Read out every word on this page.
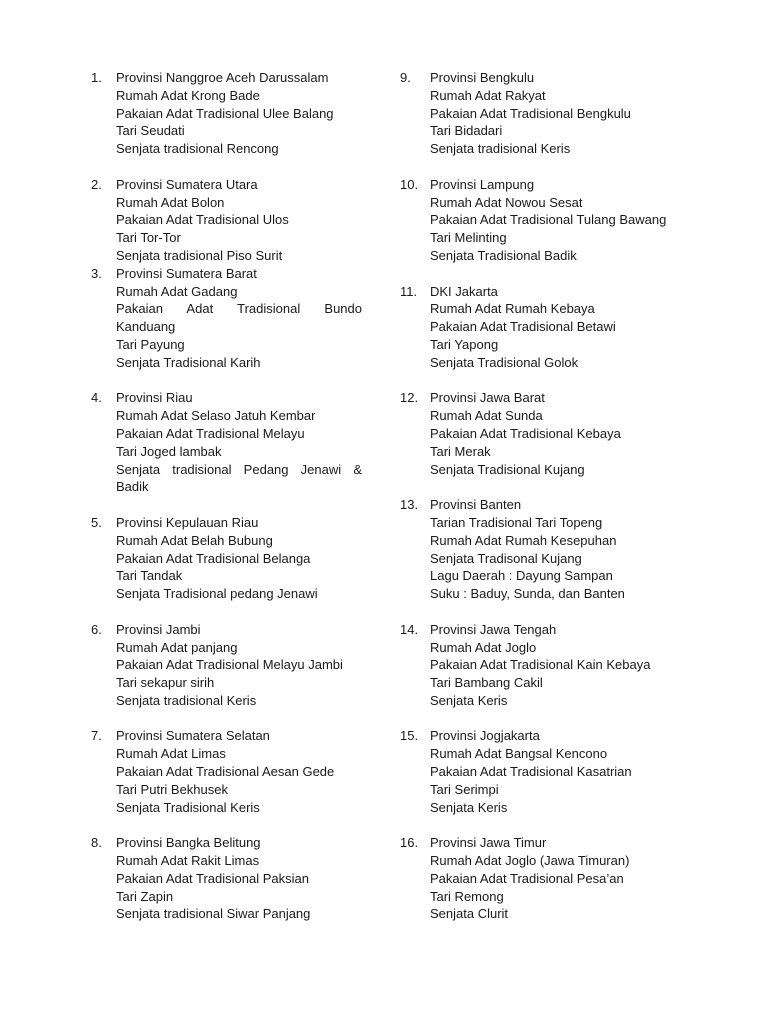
1.	Provinsi Nanggroe Aceh Darussalam
Rumah Adat Krong Bade
Pakaian Adat Tradisional Ulee Balang
Tari Seudati
Senjata tradisional Rencong
2.	Provinsi Sumatera Utara
Rumah Adat Bolon
Pakaian Adat Tradisional Ulos
Tari Tor-Tor
Senjata tradisional Piso Surit
3.	Provinsi Sumatera Barat
Rumah Adat Gadang
Pakaian Adat Tradisional Bundo Kanduang
Tari Payung
Senjata Tradisional Karih
4.	Provinsi Riau
Rumah Adat Selaso Jatuh Kembar
Pakaian Adat Tradisional Melayu
Tari Joged lambak
Senjata tradisional Pedang Jenawi & Badik
5.	Provinsi Kepulauan Riau
Rumah Adat Belah Bubung
Pakaian Adat Tradisional Belanga
Tari Tandak
Senjata Tradisional pedang Jenawi
6.	Provinsi Jambi
Rumah Adat panjang
Pakaian Adat Tradisional Melayu Jambi
Tari sekapur sirih
Senjata tradisional Keris
7.	Provinsi Sumatera Selatan
Rumah Adat Limas
Pakaian Adat Tradisional Aesan Gede
Tari Putri Bekhusek
Senjata Tradisional Keris
8.	Provinsi Bangka Belitung
Rumah Adat Rakit Limas
Pakaian Adat Tradisional Paksian
Tari Zapin
Senjata tradisional Siwar Panjang
9.	Provinsi Bengkulu
Rumah Adat Rakyat
Pakaian Adat Tradisional Bengkulu
Tari Bidadari
Senjata tradisional Keris
10. Provinsi Lampung
Rumah Adat Nowou Sesat
Pakaian Adat Tradisional Tulang Bawang
Tari Melinting
Senjata Tradisional Badik
11. DKI Jakarta
Rumah Adat Rumah Kebaya
Pakaian Adat Tradisional Betawi
Tari Yapong
Senjata Tradisional Golok
12. Provinsi Jawa Barat
Rumah Adat Sunda
Pakaian Adat Tradisional Kebaya
Tari Merak
Senjata Tradisional Kujang
13. Provinsi Banten
Tarian Tradisional Tari Topeng
Rumah Adat Rumah Kesepuhan
Senjata Tradisonal Kujang
Lagu Daerah : Dayung Sampan
Suku : Baduy, Sunda, dan Banten
14. Provinsi Jawa Tengah
Rumah Adat Joglo
Pakaian Adat Tradisional Kain Kebaya
Tari Bambang Cakil
Senjata Keris
15. Provinsi Jogjakarta
Rumah Adat Bangsal Kencono
Pakaian Adat Tradisional Kasatrian
Tari Serimpi
Senjata Keris
16. Provinsi Jawa Timur
Rumah Adat Joglo (Jawa Timuran)
Pakaian Adat Tradisional Pesa’an
Tari Remong
Senjata Clurit
